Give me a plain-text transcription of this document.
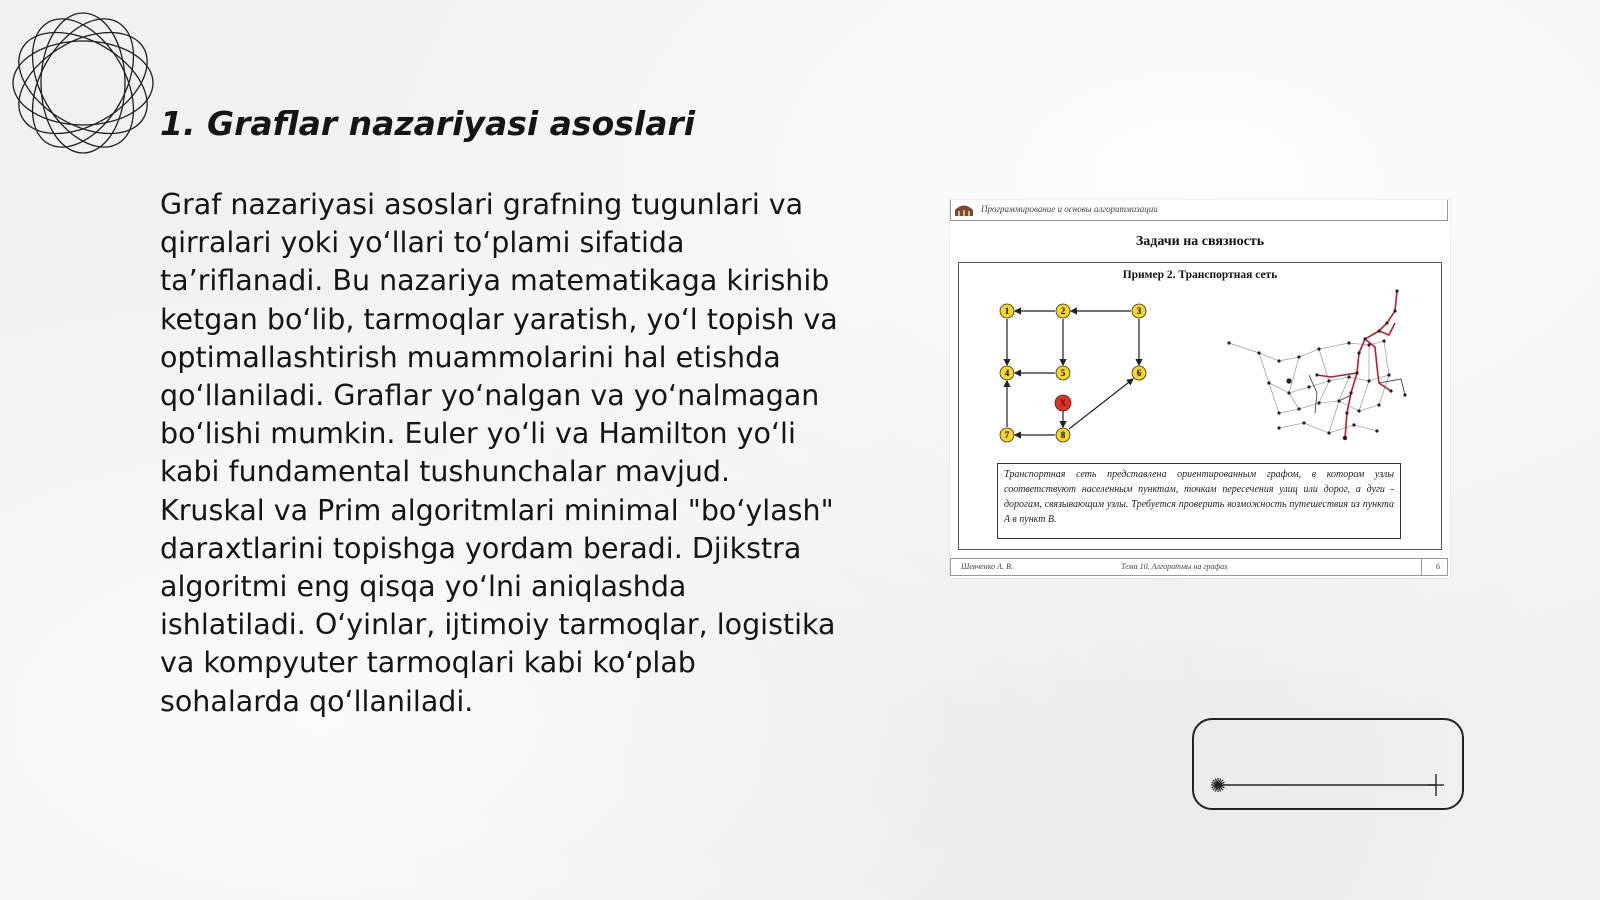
1. Graflar nazariyasi asoslari

Graf nazariyasi asoslari grafning tugunlari va qirralari yoki yo‘llari to‘plami sifatida ta’riflanadi. Bu nazariya matematikaga kirishib ketgan bo‘lib, tarmoqlar yaratish, yo‘l topish va optimallashtirish muammolarini hal etishda qo‘llaniladi. Graflar yo‘nalgan va yo‘nalmagan bo‘lishi mumkin. Euler yo‘li va Hamilton yo‘li kabi fundamental tushunchalar mavjud. Kruskal va Prim algoritmlari minimal "bo‘ylash" daraxtlarini topishga yordam beradi. Djikstra algoritmi eng qisqa yo‘lni aniqlashda ishlatiladi. O‘yinlar, ijtimoiy tarmoqlar, logistika va kompyuter tarmoqlari kabi ko‘plab sohalarda qo‘llaniladi.

Программирование и основы алгоритмизации
Задачи на связность
Пример 2. Транспортная сеть
1	2	3
4	5	6
7	8
X
Транспортная сеть представлена ориентированным графом, в котором узлы соответствуют населенным пунктам, точкам пересечения улиц или дорог, а дуги - дорогам, связывающим узлы. Требуется проверить возможность путешествия из пункта A в пункт B.
Шевченко А. В.	Тема 10. Алгоритмы на графах	6
